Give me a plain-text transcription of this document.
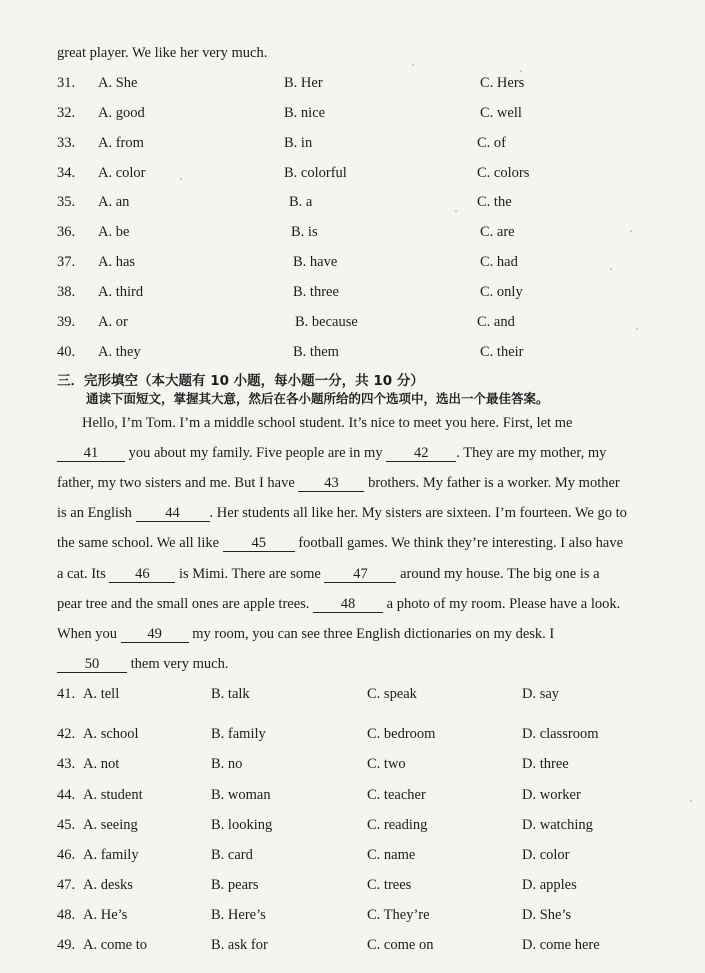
great player. We like her very much.
31. A. She	B. Her	C. Hers
32. A. good	B. nice	C. well
33. A. from	B. in	C. of
34. A. color	B. colorful	C. colors
35. A. an	B. a	C. the
36. A. be	B. is	C. are
37. A. has	B. have	C. had
38. A. third	B. three	C. only
39. A. or	B. because	C. and
40. A. they	B. them	C. their
三．完形填空（本大题有 10 小题，每小题一分，共 10 分）
通读下面短文，掌握其大意，然后在各小题所给的四个选项中，选出一个最佳答案。
Hello, I’m Tom. I’m a middle school student. It’s nice to meet you here. First, let me
41 you about my family. Five people are in my 42 . They are my mother, my
father, my two sisters and me. But I have 43 brothers. My father is a worker. My mother
is an English 44 . Her students all like her. My sisters are sixteen. I’m fourteen. We go to
the same school. We all like 45 football games. We think they’re interesting. I also have
a cat. Its 46 is Mimi. There are some 47 around my house. The big one is a
pear tree and the small ones are apple trees. 48 a photo of my room. Please have a look.
When you 49 my room, you can see three English dictionaries on my desk. I
50 them very much.
41. A. tell	B. talk	C. speak	D. say
42. A. school	B. family	C. bedroom	D. classroom
43. A. not	B. no	C. two	D. three
44. A. student	B. woman	C. teacher	D. worker
45. A. seeing	B. looking	C. reading	D. watching
46. A. family	B. card	C. name	D. color
47. A. desks	B. pears	C. trees	D. apples
48. A. He’s	B. Here’s	C. They’re	D. She’s
49. A. come to	B. ask for	C. come on	D. come here
